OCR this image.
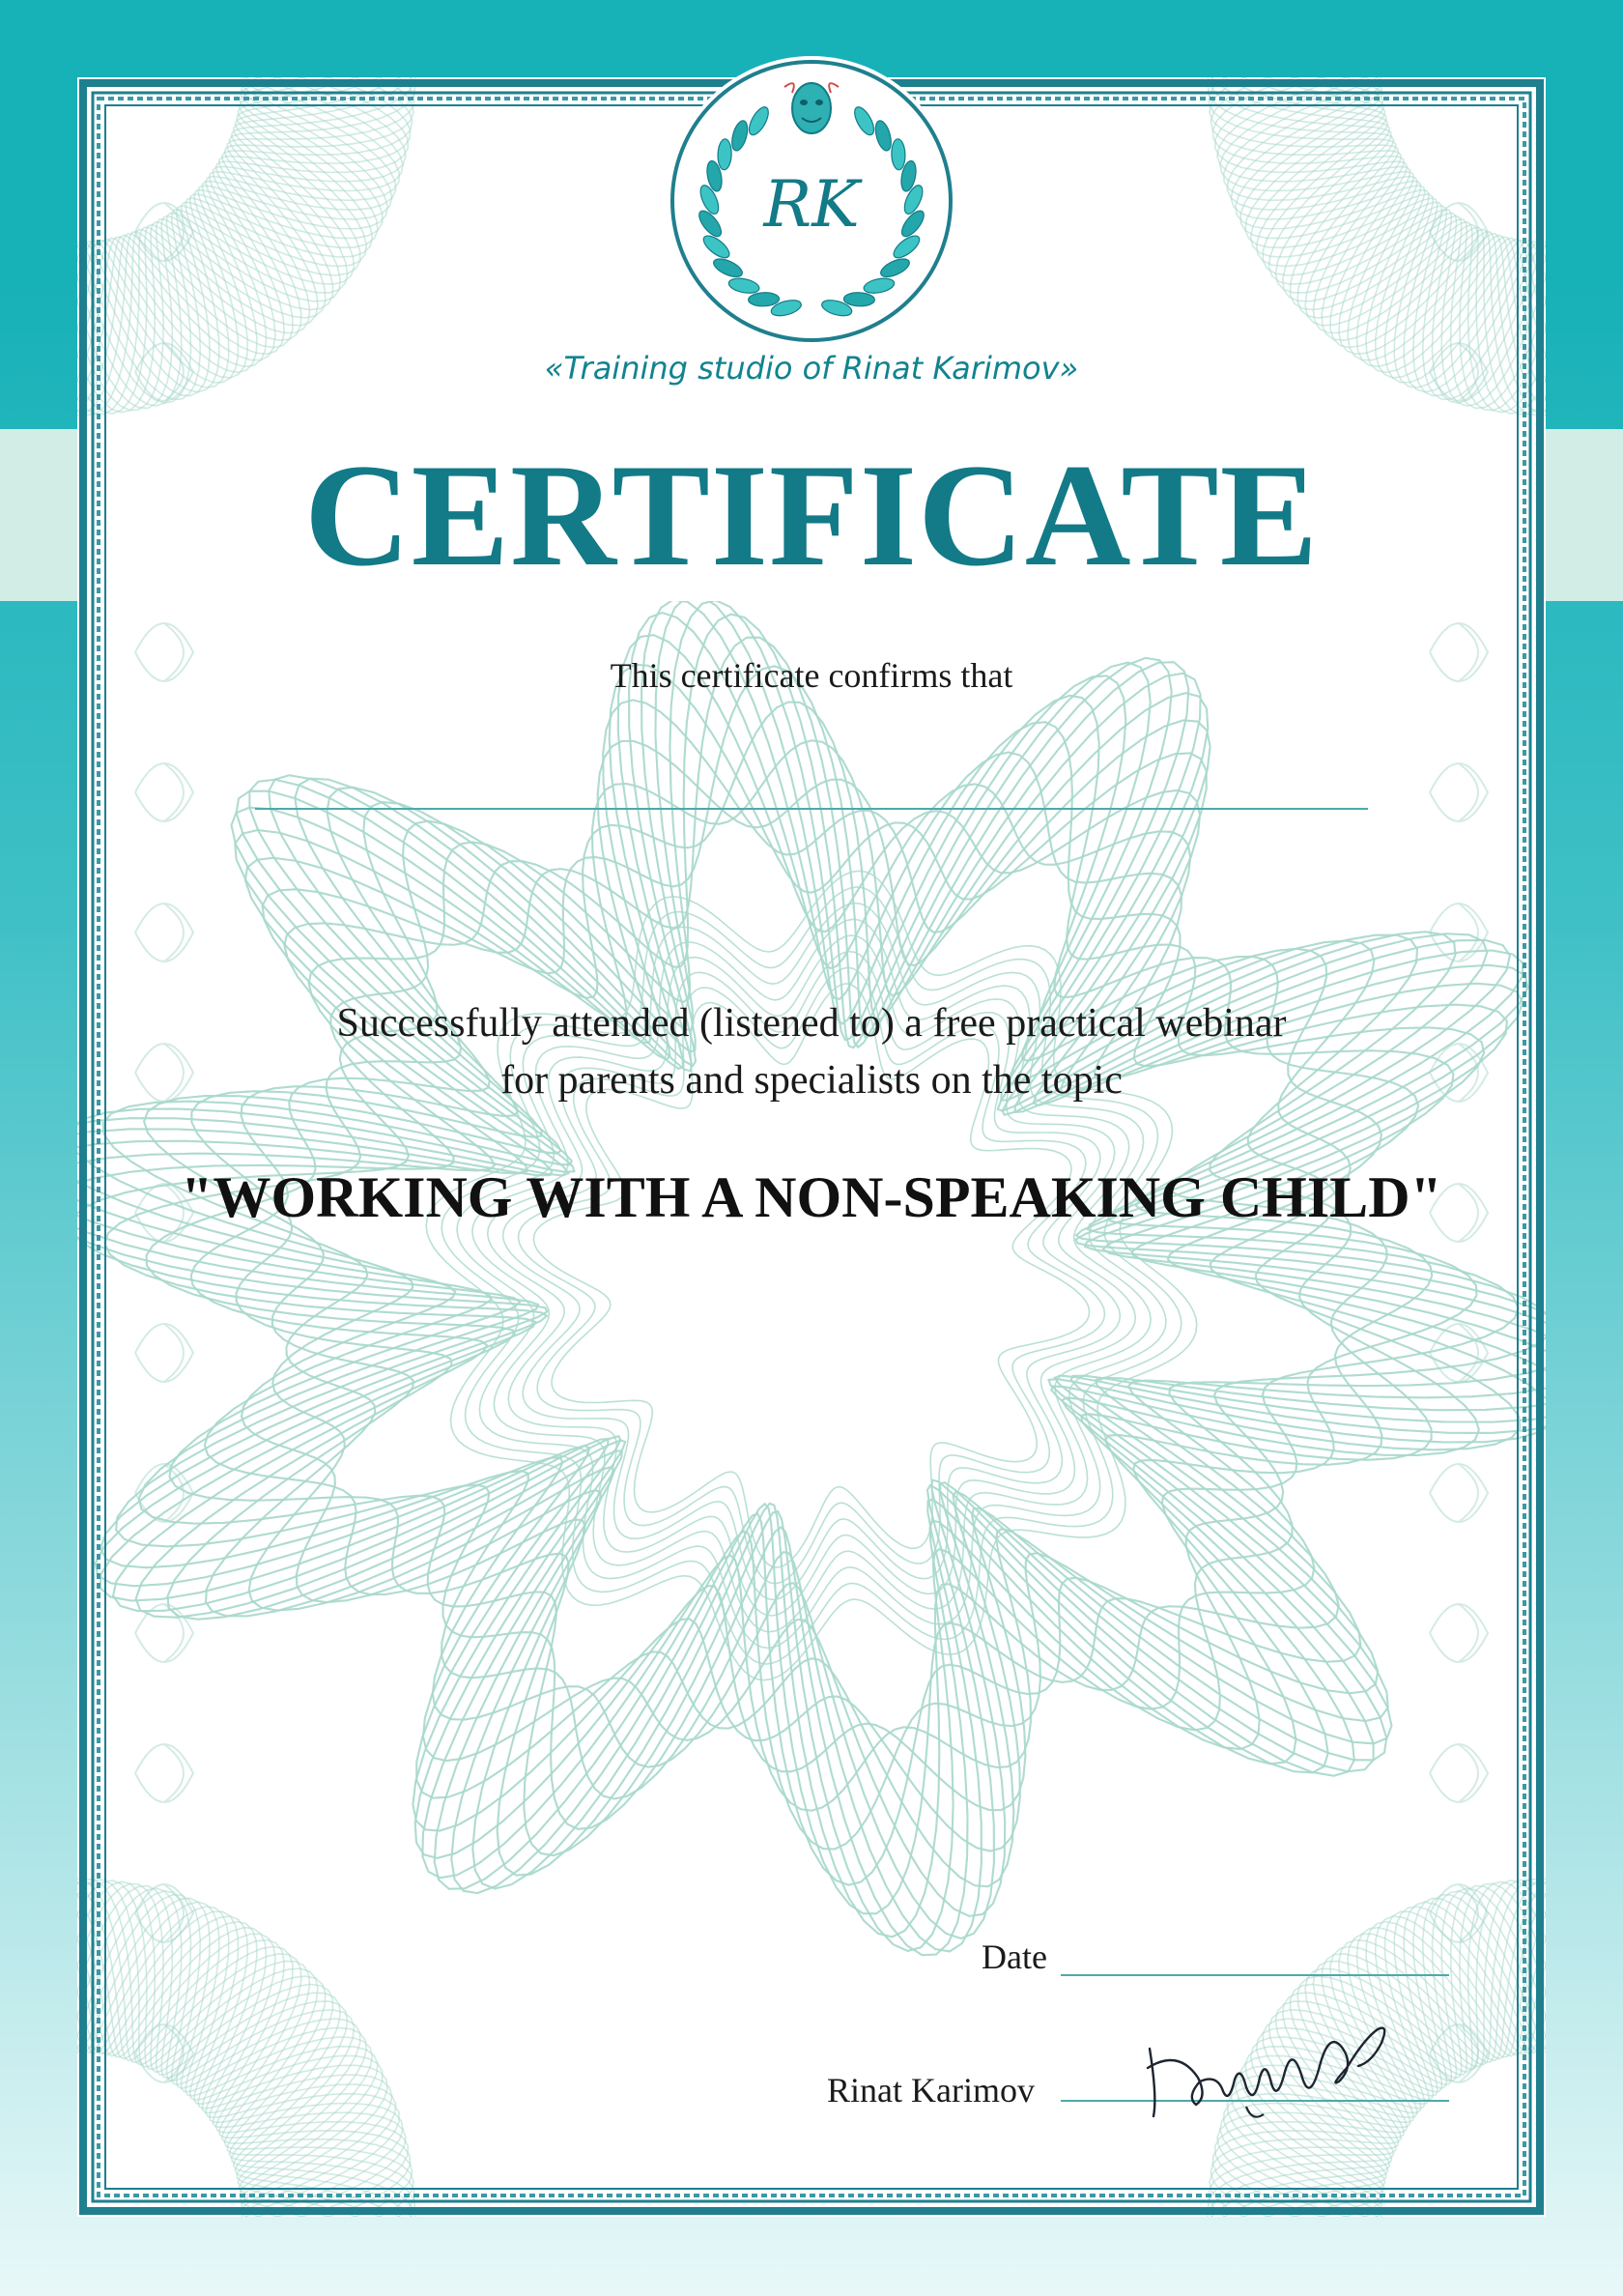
RK
«Training studio of Rinat Karimov»
CERTIFICATE
This certificate confirms that
Successfully attended (listened to) a free practical webinar
for parents and specialists on the topic
"WORKING WITH A NON-SPEAKING CHILD"
Date
Rinat Karimov
